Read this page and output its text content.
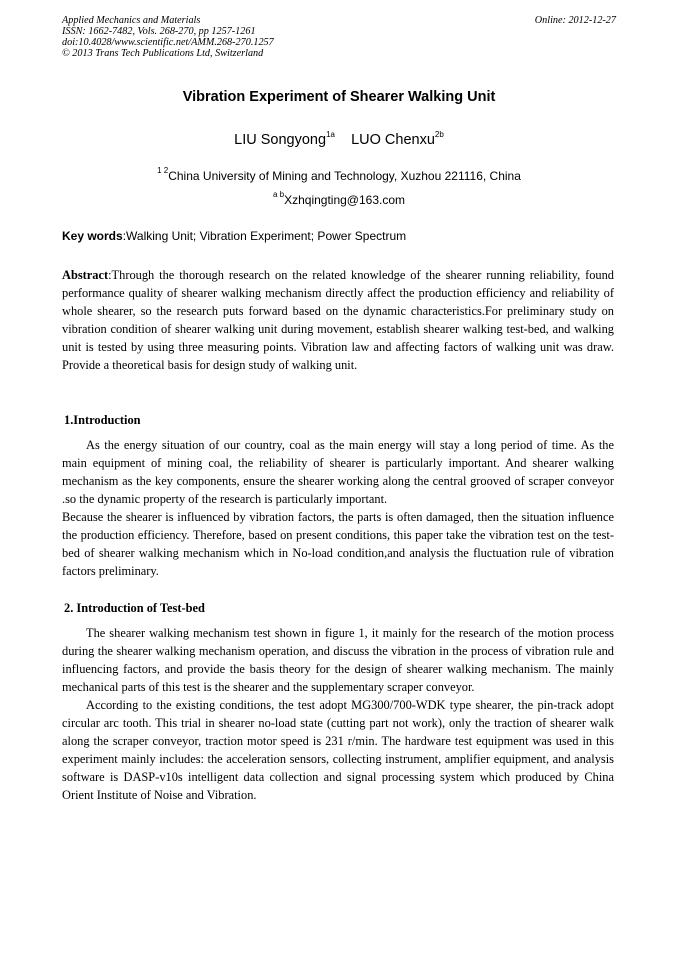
Applied Mechanics and Materials
ISSN: 1662-7482, Vols. 268-270, pp 1257-1261
doi:10.4028/www.scientific.net/AMM.268-270.1257
© 2013 Trans Tech Publications Ltd, Switzerland
Online: 2012-12-27
Vibration Experiment of Shearer Walking Unit
LIU Songyong$^{1a}$ LUO Chenxu$^{2b}$
$^{1 2}$China University of Mining and Technology, Xuzhou 221116, China
$^{a b}$Xzhqingting@163.com
Key words:Walking Unit; Vibration Experiment; Power Spectrum

Abstract:Through the thorough research on the related knowledge of the shearer running reliability, found performance quality of shearer walking mechanism directly affect the production efficiency and reliability of whole shearer, so the research puts forward based on the dynamic characteristics.For preliminary study on vibration condition of shearer walking unit during movement, establish shearer walking test-bed, and walking unit is tested by using three measuring points. Vibration law and affecting factors of walking unit was draw. Provide a theoretical basis for design study of walking unit.

1.Introduction

As the energy situation of our country, coal as the main energy will stay a long period of time. As the main equipment of mining coal, the reliability of shearer is particularly important. And shearer walking mechanism as the key components, ensure the shearer working along the central grooved of scraper conveyor .so the dynamic property of the research is particularly important.

Because the shearer is influenced by vibration factors, the parts is often damaged, then the situation influence the production efficiency. Therefore, based on present conditions, this paper take the vibration test on the test-bed of shearer walking mechanism which in No-load condition,and analysis the fluctuation rule of vibration factors preliminary.

2. Introduction of Test-bed

The shearer walking mechanism test shown in figure 1, it mainly for the research of the motion process during the shearer walking mechanism operation, and discuss the vibration in the process of vibration rule and influencing factors, and provide the basis theory for the design of shearer walking mechanism. The mainly mechanical parts of this test is the shearer and the supplementary scraper conveyor.

According to the existing conditions, the test adopt MG300/700-WDK type shearer, the pin-track adopt circular arc tooth. This trial in shearer no-load state (cutting part not work), only the traction of shearer walk along the scraper conveyor, traction motor speed is 231 r/min. The hardware test equipment was used in this experiment mainly includes: the acceleration sensors, collecting instrument, amplifier equipment, and analysis software is DASP-v10s intelligent data collection and signal processing system which produced by China Orient Institute of Noise and Vibration.
